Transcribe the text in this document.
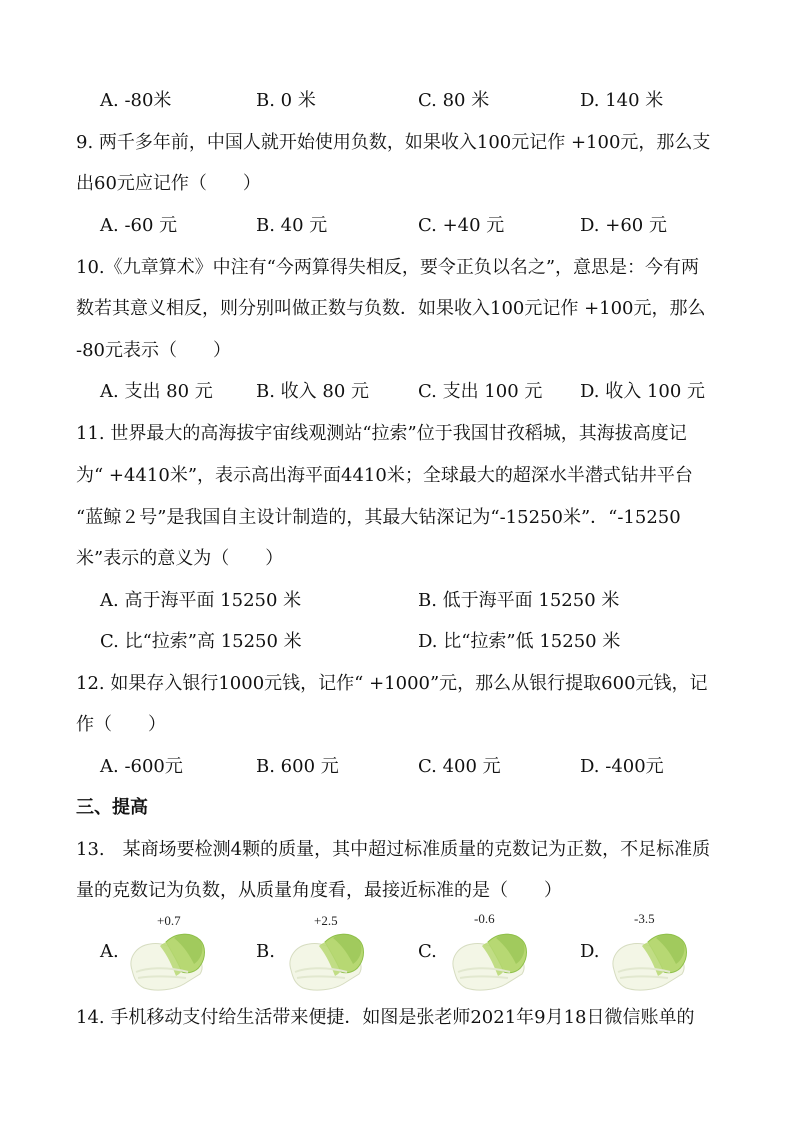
A. -80米	B. 0 米	C. 80 米	D. 140 米
9. 两千多年前，中国人就开始使用负数，如果收入100元记作 +100元，那么支
出60元应记作（　　）
A. -60 元	B. 40 元	C. +40 元	D. +60 元
10.《九章算术》中注有“今两算得失相反，要令正负以名之”，意思是：今有两
数若其意义相反，则分别叫做正数与负数．如果收入100元记作 +100元，那么
-80元表示（　　）
A. 支出 80 元 B. 收入 80 元	C. 支出 100 元 D. 收入 100 元
11. 世界最大的高海拔宇宙线观测站“拉索”位于我国甘孜稻城，其海拔高度记
为“ +4410米”，表示高出海平面4410米；全球最大的超深水半潜式钻井平台
“蓝鲸２号”是我国自主设计制造的，其最大钻深记为“-15250米”．“-15250
米”表示的意义为（　　）
A. 高于海平面 15250 米	B. 低于海平面 15250 米
C. 比“拉索”高 15250 米	D. 比“拉索”低 15250 米
12. 如果存入银行1000元钱，记作“ +1000”元，那么从银行提取600元钱，记
作（　　）
A. -600元	B. 600 元	C. 400 元	D. -400元
三、提高
13.　某商场要检测4颗的质量，其中超过标准质量的克数记为正数，不足标准质
量的克数记为负数，从质量角度看，最接近标准的是（　　）
A.
+0.7
B.
+2.5
C.
-0.6
D.
-3.5
14. 手机移动支付给生活带来便捷．如图是张老师2021年9月18日微信账单的
